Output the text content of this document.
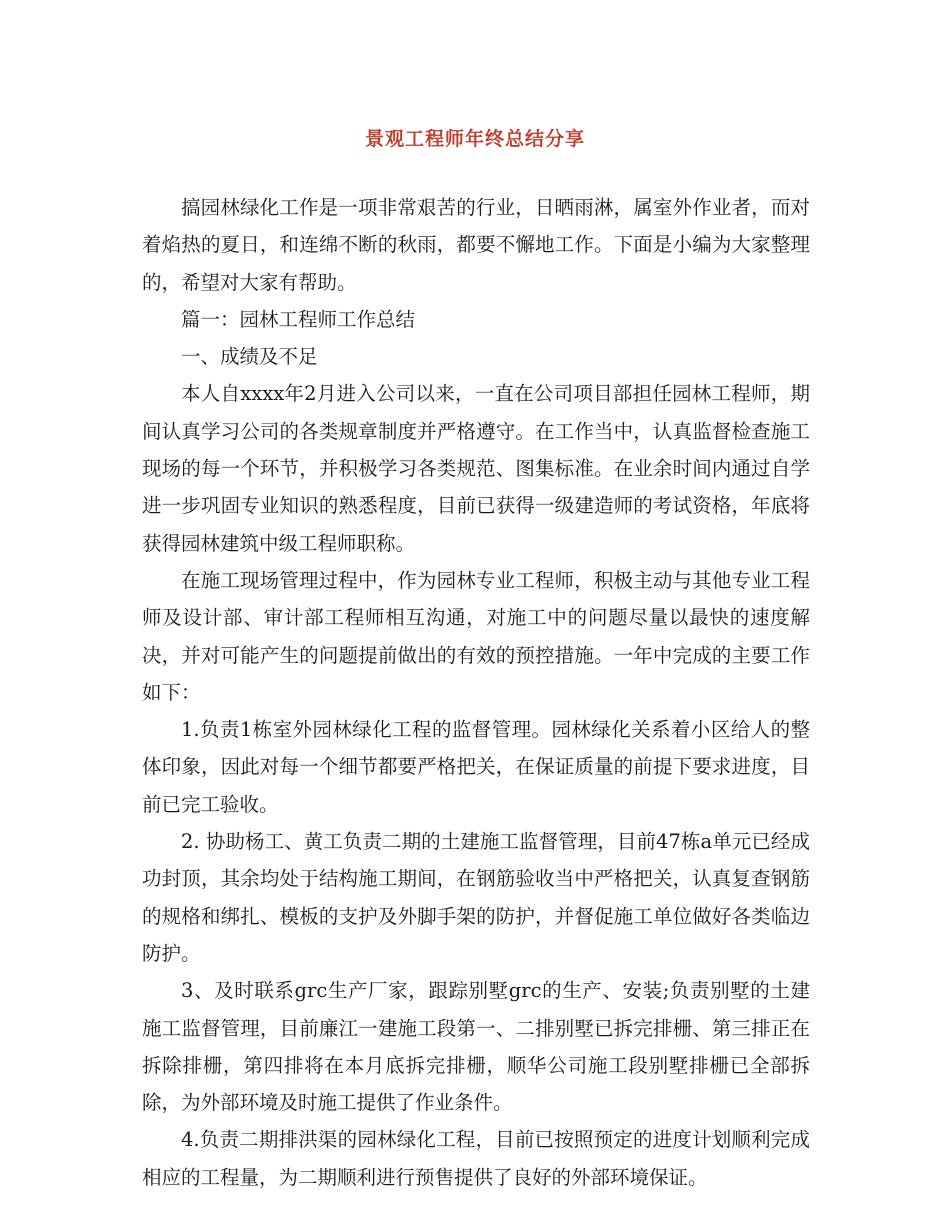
景观工程师年终总结分享

搞园林绿化工作是一项非常艰苦的行业，日晒雨淋，属室外作业者，而对着焰热的夏日，和连绵不断的秋雨，都要不懈地工作。下面是小编为大家整理的，希望对大家有帮助。

篇一：园林工程师工作总结

一、成绩及不足

本人自xxxx年2月进入公司以来，一直在公司项目部担任园林工程师，期间认真学习公司的各类规章制度并严格遵守。在工作当中，认真监督检查施工现场的每一个环节，并积极学习各类规范、图集标准。在业余时间内通过自学进一步巩固专业知识的熟悉程度，目前已获得一级建造师的考试资格，年底将获得园林建筑中级工程师职称。

在施工现场管理过程中，作为园林专业工程师，积极主动与其他专业工程师及设计部、审计部工程师相互沟通，对施工中的问题尽量以最快的速度解决，并对可能产生的问题提前做出的有效的预控措施。一年中完成的主要工作如下：

1.负责1栋室外园林绿化工程的监督管理。园林绿化关系着小区给人的整体印象，因此对每一个细节都要严格把关，在保证质量的前提下要求进度，目前已完工验收。

2. 协助杨工、黄工负责二期的土建施工监督管理，目前47栋a单元已经成功封顶，其余均处于结构施工期间，在钢筋验收当中严格把关，认真复查钢筋的规格和绑扎、模板的支护及外脚手架的防护，并督促施工单位做好各类临边防护。

3、及时联系grc生产厂家，跟踪别墅grc的生产、安装;负责别墅的土建施工监督管理，目前廉江一建施工段第一、二排别墅已拆完排栅、第三排正在拆除排栅，第四排将在本月底拆完排栅，顺华公司施工段别墅排栅已全部拆除，为外部环境及时施工提供了作业条件。

4.负责二期排洪渠的园林绿化工程，目前已按照预定的进度计划顺利完成相应的工程量，为二期顺利进行预售提供了良好的外部环境保证。
